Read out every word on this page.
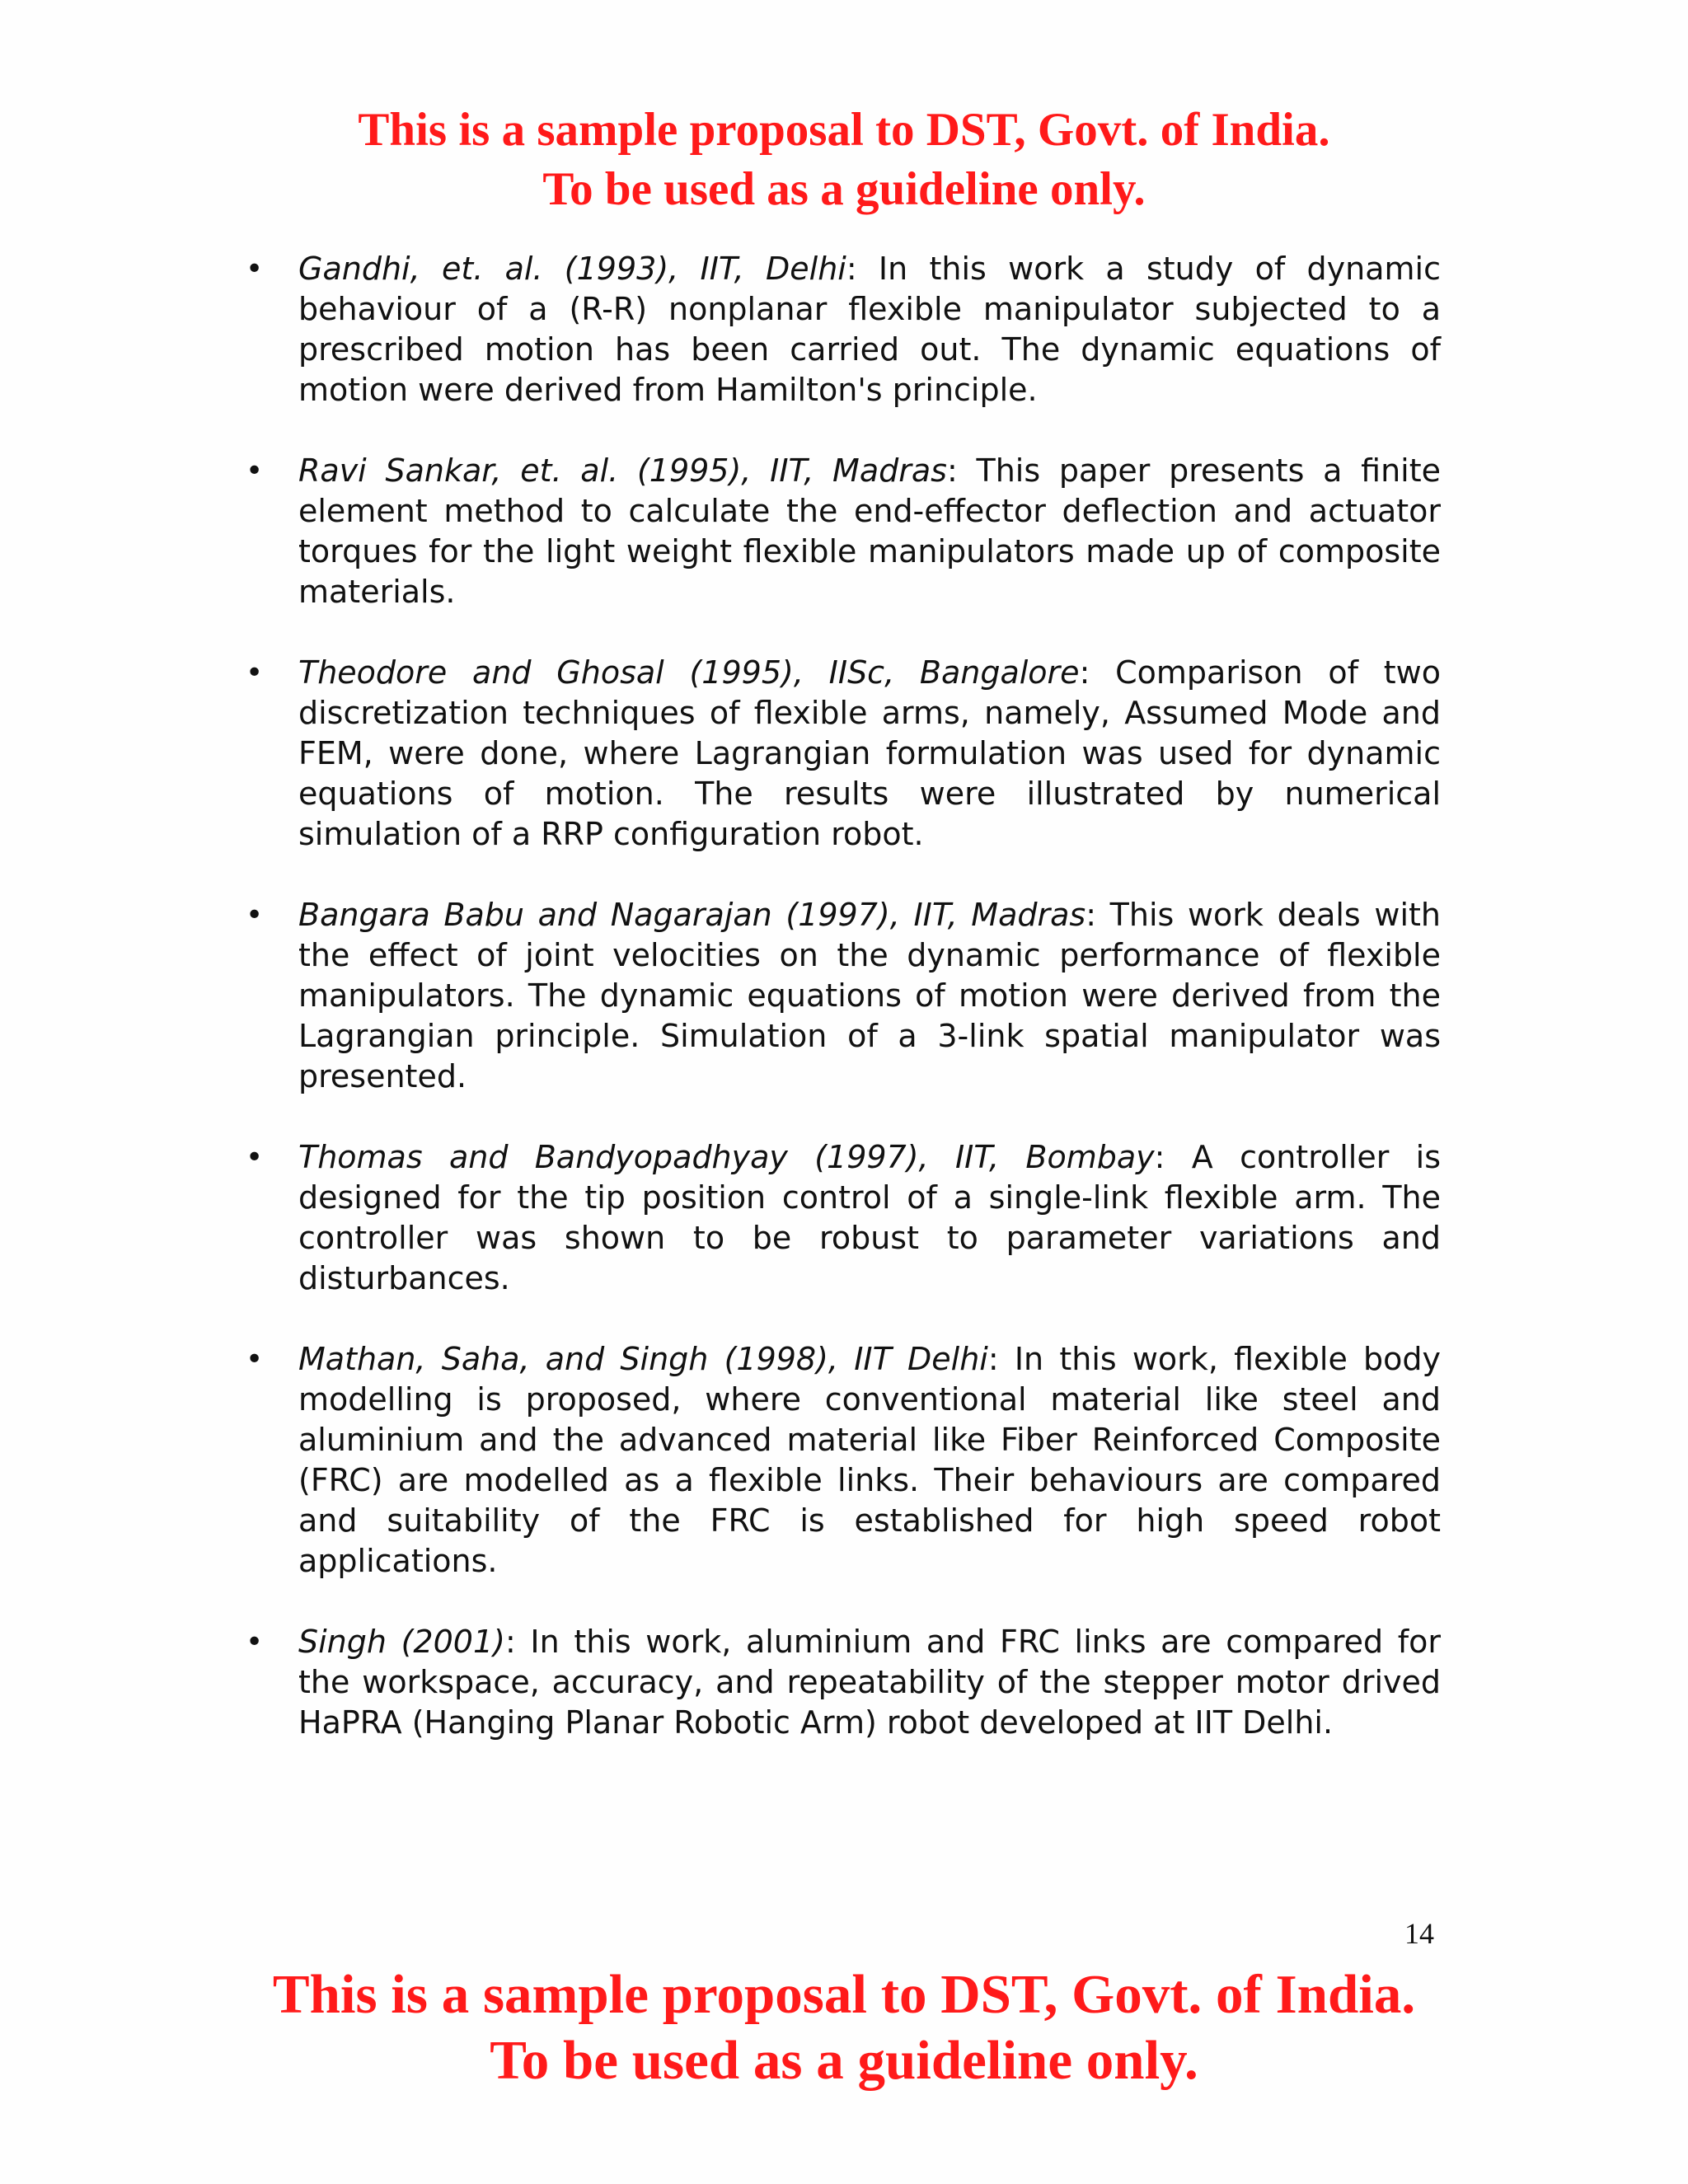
This is a sample proposal to DST, Govt. of India.
To be used as a guideline only.
• Gandhi, et. al. (1993), IIT, Delhi: In this work a study of dynamic behaviour of a (R-R) nonplanar flexible manipulator subjected to a prescribed motion has been carried out. The dynamic equations of motion were derived from Hamilton's principle.
• Ravi Sankar, et. al. (1995), IIT, Madras: This paper presents a finite element method to calculate the end-effector deflection and actuator torques for the light weight flexible manipulators made up of composite materials.
• Theodore and Ghosal (1995), IISc, Bangalore: Comparison of two discretization techniques of flexible arms, namely, Assumed Mode and FEM, were done, where Lagrangian formulation was used for dynamic equations of motion. The results were illustrated by numerical simulation of a RRP configuration robot.
• Bangara Babu and Nagarajan (1997), IIT, Madras: This work deals with the effect of joint velocities on the dynamic performance of flexible manipulators. The dynamic equations of motion were derived from the Lagrangian principle. Simulation of a 3-link spatial manipulator was presented.
• Thomas and Bandyopadhyay (1997), IIT, Bombay: A controller is designed for the tip position control of a single-link flexible arm. The controller was shown to be robust to parameter variations and disturbances.
• Mathan, Saha, and Singh (1998), IIT Delhi: In this work, flexible body modelling is proposed, where conventional material like steel and aluminium and the advanced material like Fiber Reinforced Composite (FRC) are modelled as a flexible links. Their behaviours are compared and suitability of the FRC is established for high speed robot applications.
• Singh (2001): In this work, aluminium and FRC links are compared for the workspace, accuracy, and repeatability of the stepper motor drived HaPRA (Hanging Planar Robotic Arm) robot developed at IIT Delhi.
14
This is a sample proposal to DST, Govt. of India.
To be used as a guideline only.
